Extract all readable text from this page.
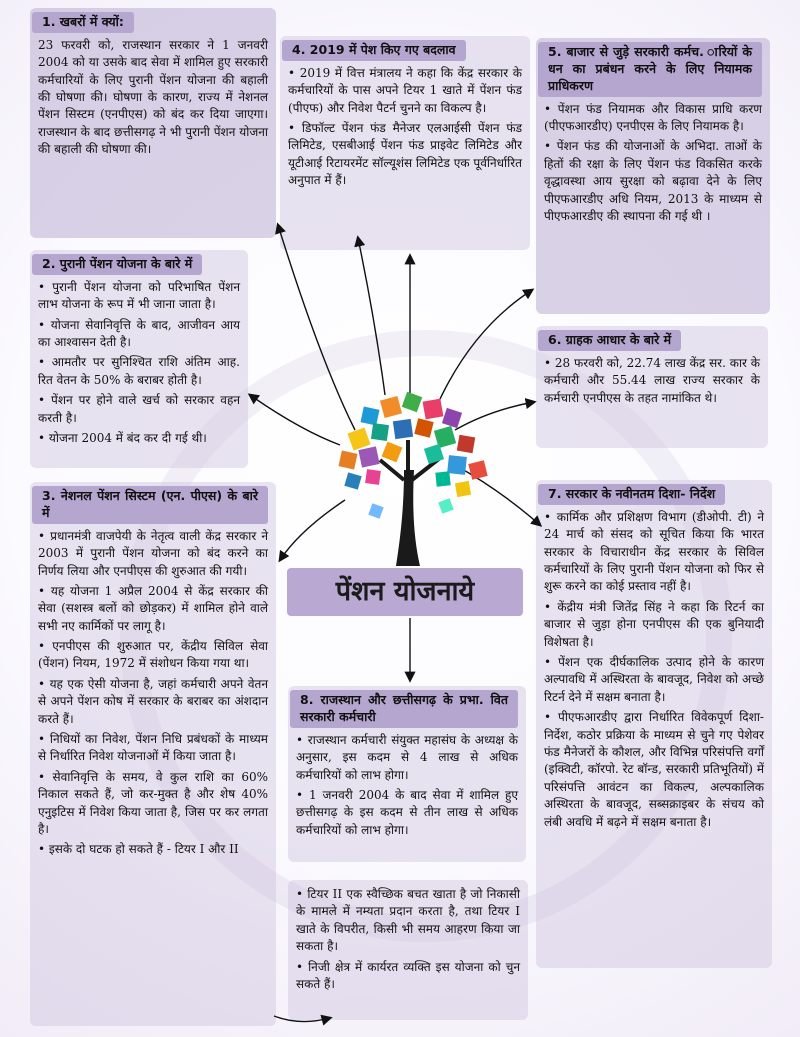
1. खबरों में क्यों:

23 फरवरी को, राजस्थान सरकार ने 1 जनवरी 2004 को या उसके बाद सेवा में शामिल हुए सरकारी कर्मचारियों के लिए पुरानी पेंशन योजना की बहाली की घोषणा की। घोषणा के कारण, राज्य में नेशनल पेंशन सिस्टम (एनपीएस) को बंद कर दिया जाएगा। राजस्थान के बाद छत्तीसगढ़ ने भी पुरानी पेंशन योजना की बहाली की घोषणा की।

2. पुरानी पेंशन योजना के बारे में

• पुरानी पेंशन योजना को परिभाषित पेंशन लाभ योजना के रूप में भी जाना जाता है।

• योजना सेवानिवृत्ति के बाद, आजीवन आय का आश्वासन देती है।

• आमतौर पर सुनिश्चित राशि अंतिम आह. रित वेतन के 50% के बराबर होती है।

• पेंशन पर होने वाले खर्च को सरकार वहन करती है।

• योजना 2004 में बंद कर दी गई थी।

3. नेशनल पेंशन सिस्टम (एन. पीएस) के बारे में

• प्रधानमंत्री वाजपेयी के नेतृत्व वाली केंद्र सरकार ने 2003 में पुरानी पेंशन योजना को बंद करने का निर्णय लिया और एनपीएस की शुरुआत की गयी।

• यह योजना 1 अप्रैल 2004 से केंद्र सरकार की सेवा (सशस्त्र बलों को छोड़कर) में शामिल होने वाले सभी नए कार्मिकों पर लागू है।

• एनपीएस की शुरुआत पर, केंद्रीय सिविल सेवा (पेंशन) नियम, 1972 में संशोधन किया गया था।

• यह एक ऐसी योजना है, जहां कर्मचारी अपने वेतन से अपने पेंशन कोष में सरकार के बराबर का अंशदान करते हैं।

• निधियों का निवेश, पेंशन निधि प्रबंधकों के माध्यम से निर्धारित निवेश योजनाओं में किया जाता है।

• सेवानिवृत्ति के समय, वे कुल राशि का 60% निकाल सकते हैं, जो कर-मुक्त है और शेष 40% एनुइटिस में निवेश किया जाता है, जिस पर कर लगता है।

• इसके दो घटक हो सकते हैं - टियर I और II

4. 2019 में पेश किए गए बदलाव

• 2019 में वित्त मंत्रालय ने कहा कि केंद्र सरकार के कर्मचारियों के पास अपने टियर 1 खाते में पेंशन फंड (पीएफ) और निवेश पैटर्न चुनने का विकल्प है।

• डिफॉल्ट पेंशन फंड मैनेजर एलआईसी पेंशन फंड लिमिटेड, एसबीआई पेंशन फंड प्राइवेट लिमिटेड और यूटीआई रिटायरमेंट सॉल्यूशंस लिमिटेड एक पूर्वनिर्धारित अनुपात में हैं।

5. बाजार से जुड़े सरकारी कर्मच. ारियों के धन का प्रबंधन करने के लिए नियामक प्राधिकरण

• पेंशन फंड नियामक और विकास प्राधि करण (पीएफआरडीए) एनपीएस के लिए नियामक है।

• पेंशन फंड की योजनाओं के अभिदा. ताओं के हितों की रक्षा के लिए पेंशन फंड विकसित करके वृद्धावस्था आय सुरक्षा को बढ़ावा देने के लिए पीएफआरडीए अधि नियम, 2013 के माध्यम से पीएफआरडीए की स्थापना की गई थी ।

6. ग्राहक आधार के बारे में

• 28 फरवरी को, 22.74 लाख केंद्र सर. कार के कर्मचारी और 55.44 लाख राज्य सरकार के कर्मचारी एनपीएस के तहत नामांकित थे।

7. सरकार के नवीनतम दिशा- निर्देश

• कार्मिक और प्रशिक्षण विभाग (डीओपी. टी) ने 24 मार्च को संसद को सूचित किया कि भारत सरकार के विचाराधीन केंद्र सरकार के सिविल कर्मचारियों के लिए पुरानी पेंशन योजना को फिर से शुरू करने का कोई प्रस्ताव नहीं है।

• केंद्रीय मंत्री जितेंद्र सिंह ने कहा कि रिटर्न का बाजार से जुड़ा होना एनपीएस की एक बुनियादी विशेषता है।

• पेंशन एक दीर्घकालिक उत्पाद होने के कारण अल्पावधि में अस्थिरता के बावजूद, निवेश को अच्छे रिटर्न देने में सक्षम बनाता है।

• पीएफआरडीए द्वारा निर्धारित विवेकपूर्ण दिशा-निर्देश, कठोर प्रक्रिया के माध्यम से चुने गए पेशेवर फंड मैनेजरों के कौशल, और विभिन्न परिसंपत्ति वर्गों (इक्विटी, कॉरपो. रेट बॉन्ड, सरकारी प्रतिभूतियों) में परिसंपत्ति आवंटन का विकल्प, अल्पकालिक अस्थिरता के बावजूद, सब्सक्राइबर के संचय को लंबी अवधि में बढ़ने में सक्षम बनाता है।

8. राजस्थान और छत्तीसगढ़ के प्रभा. वित सरकारी कर्मचारी

• राजस्थान कर्मचारी संयुक्त महासंघ के अध्यक्ष के अनुसार, इस कदम से 4 लाख से अधिक कर्मचारियों को लाभ होगा।

• 1 जनवरी 2004 के बाद सेवा में शामिल हुए छत्तीसगढ़ के इस कदम से तीन लाख से अधिक कर्मचारियों को लाभ होगा।

• टियर II एक स्वैच्छिक बचत खाता है जो निकासी के मामले में नम्यता प्रदान करता है, तथा टियर I खाते के विपरीत, किसी भी समय आहरण किया जा सकता है।

• निजी क्षेत्र में कार्यरत व्यक्ति इस योजना को चुन सकते हैं।

पेंशन योजनाये
